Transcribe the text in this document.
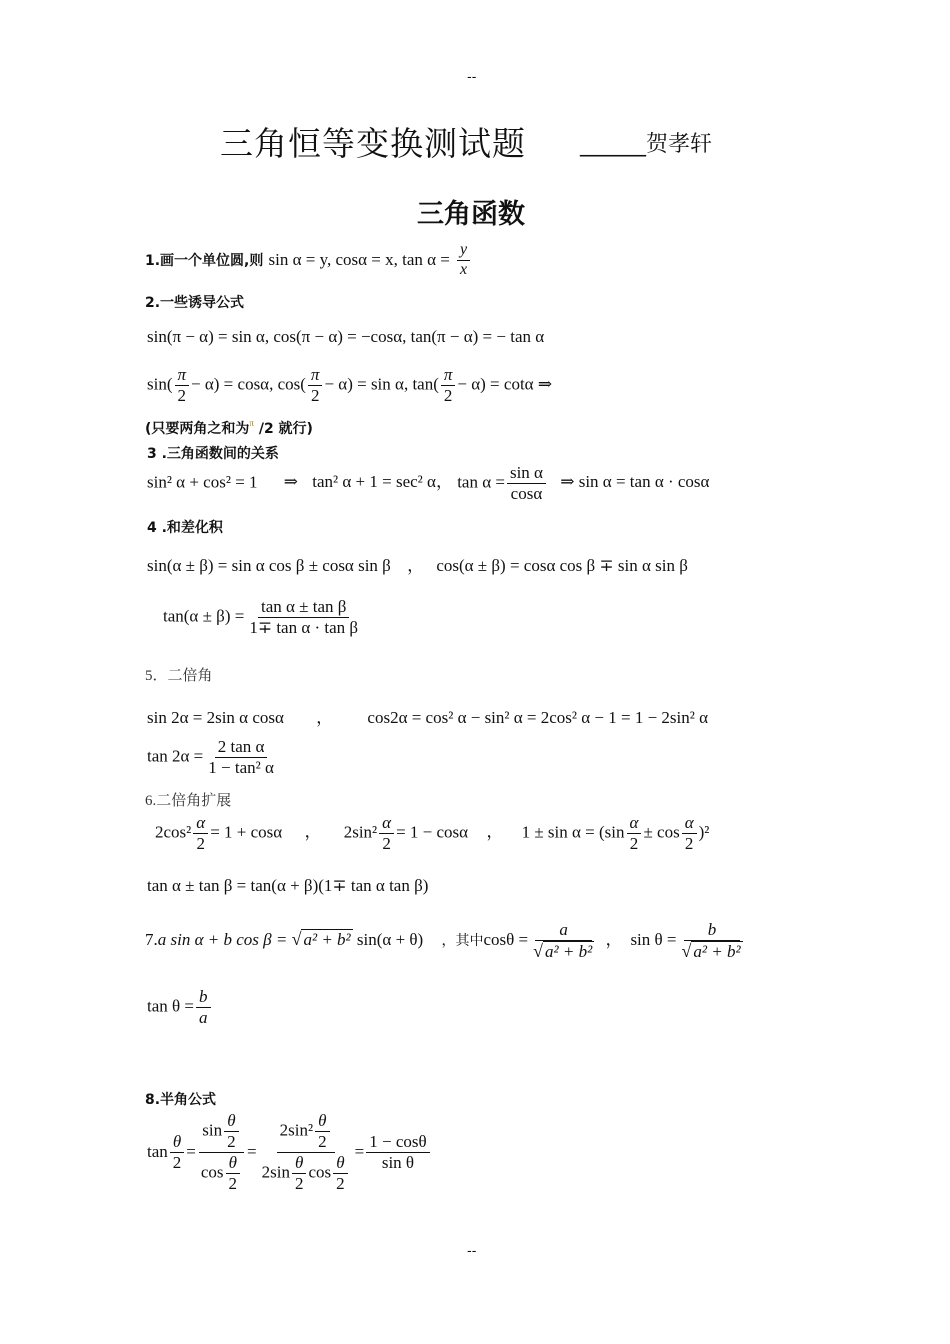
--
--
三角恒等变换测试题 ______贺孝轩
三角函数
1.画一个单位圆,则 sin α = y, cosα = x, $\tan \alpha = \frac{y}{x}$
2.一些诱导公式
sin(π − α) = sin α, cos(π − α) = −cosα, tan(π − α) = − tan α
$\sin( \frac{\pi}{2} - \alpha) = \cos\alpha$, $\cos( \frac{\pi}{2} - \alpha) = \sin \alpha$, $\tan( \frac{\pi}{2} - \alpha) = \cot\alpha$ ⇒
(只要两角之和为$^\pi$ /2 就行)
3 .三角函数间的关系
sin² α + cos² = 1 ⇒ tan² α + 1 = sec² α， $\tan \alpha = \frac{\text{sin α}}{\cos\alpha}$ ⇒ sin α = tan α · cosα
4 .和差化积
sin(α ± β) = sin α cos β ± cosα sin β ， cos(α ± β) = cosα cos β ∓ sin α sin β
$\tan(\alpha \pm \beta) = \frac{\text{tan α ± tan β}}{\text{1∓ tan α · tan β}}$
5．二倍角
sin 2α = 2sin α cosα ， cos2α = cos² α − sin² α = 2cos² α − 1 = 1 − 2sin² α
$\tan 2\alpha = \frac{\text{2 tan α}}{\text{1 − tan² α}}$
6.二倍角扩展
$2\cos^2 \frac{\alpha}{2} = 1 + \cos\alpha$ ， $2\sin^2 \frac{\alpha}{2} = 1 - \cos\alpha$ ， $1 \pm \sin \alpha = (\sin \frac{\alpha}{2} \pm \cos \frac{\alpha}{2} )^2$
tan α ± tan β = tan(α + β)(1∓ tan α tan β)
7.a sin α + b cos β = √ a² + b² sin(α + θ) ，其中$\cos\theta = \frac{a}{\text{√ a² + b²}}$ ， $\sin \theta = \frac{b}{\text{√ a² + b²}}$
$\tan \theta = \frac{b}{a}$
8.半角公式
$\tan \frac{\theta}{2} = \frac{\sin \frac{\theta}{2}}{\cos \frac{\theta}{2}} = \frac{2\sin^2 \frac{\theta}{2}}{2\sin \frac{\theta}{2} \cos \frac{\theta}{2}} = \frac{1 - \cos\theta}{\text{sin θ}}$
